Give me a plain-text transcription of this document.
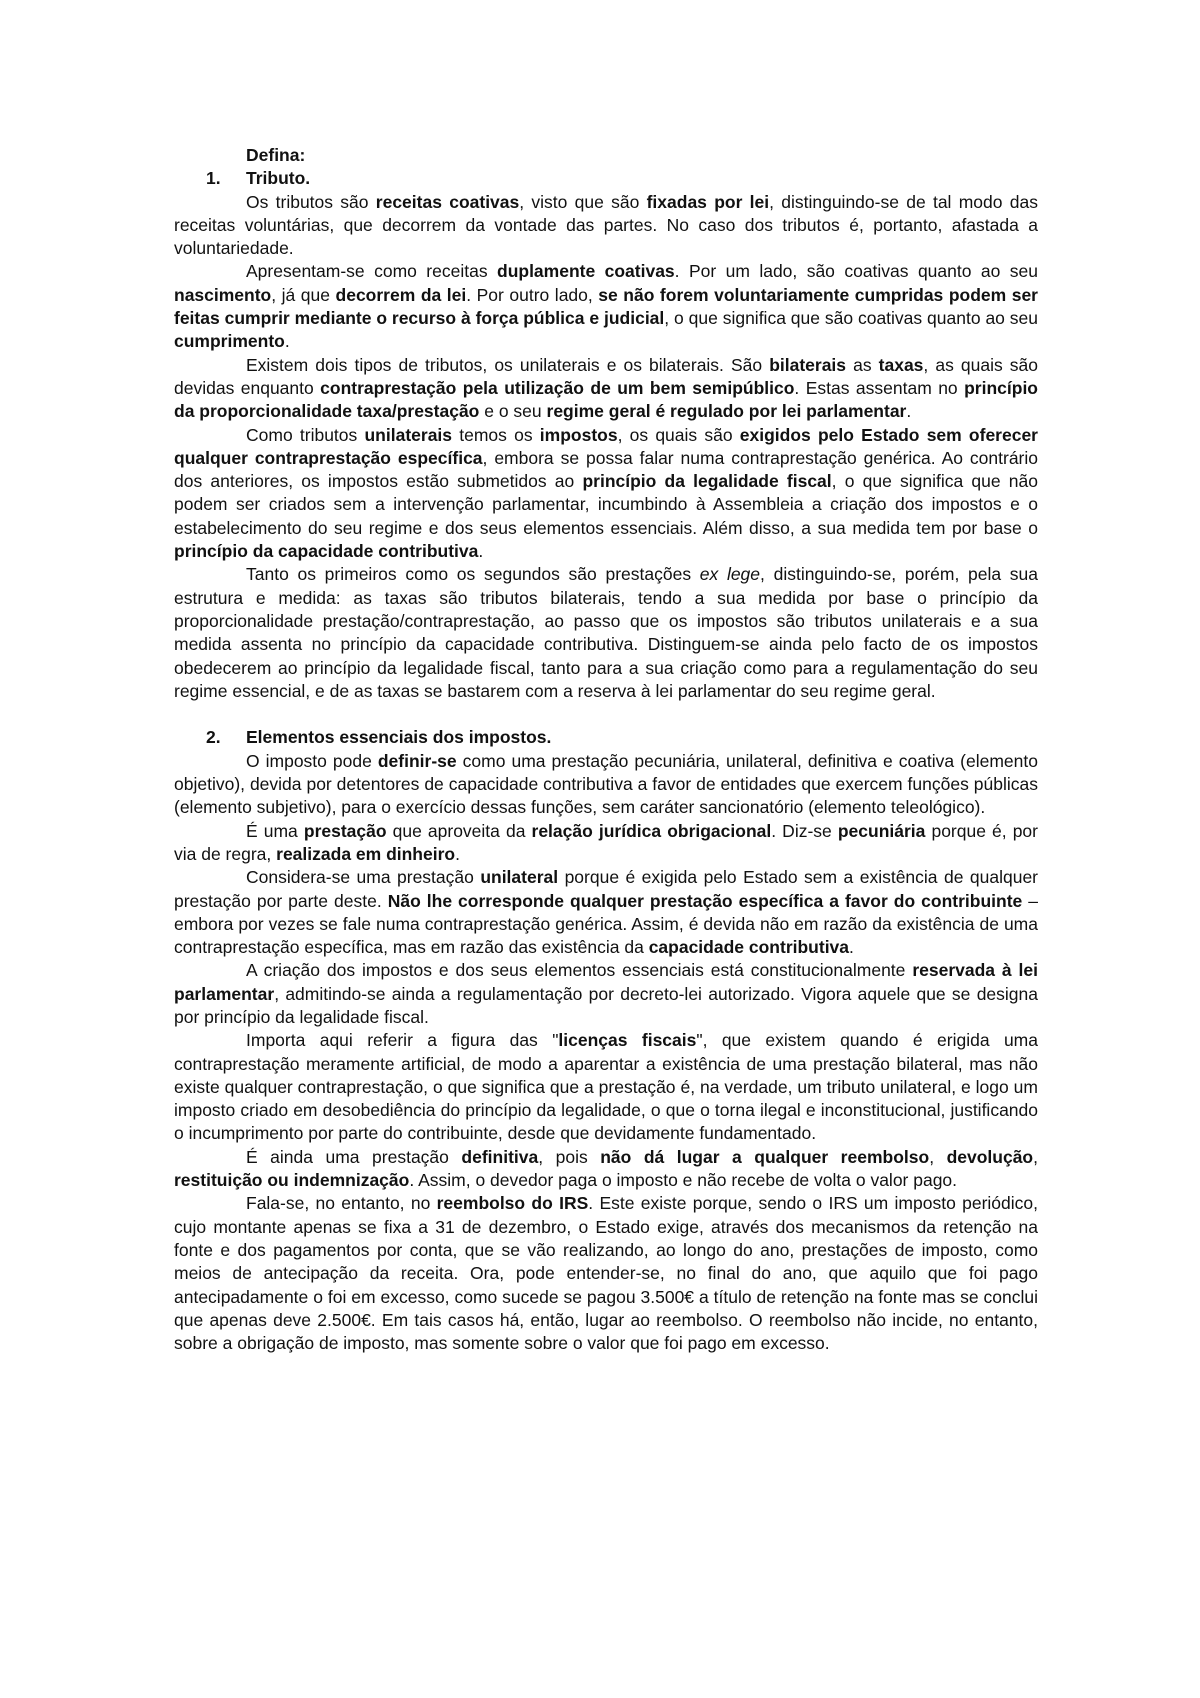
Defina:
1.	Tributo.

Os tributos são receitas coativas, visto que são fixadas por lei, distinguindo-se de tal modo das receitas voluntárias, que decorrem da vontade das partes. No caso dos tributos é, portanto, afastada a voluntariedade.

Apresentam-se como receitas duplamente coativas. Por um lado, são coativas quanto ao seu nascimento, já que decorrem da lei. Por outro lado, se não forem voluntariamente cumpridas podem ser feitas cumprir mediante o recurso à força pública e judicial, o que significa que são coativas quanto ao seu cumprimento.

Existem dois tipos de tributos, os unilaterais e os bilaterais. São bilaterais as taxas, as quais são devidas enquanto contraprestação pela utilização de um bem semipúblico. Estas assentam no princípio da proporcionalidade taxa/prestação e o seu regime geral é regulado por lei parlamentar.

Como tributos unilaterais temos os impostos, os quais são exigidos pelo Estado sem oferecer qualquer contraprestação específica, embora se possa falar numa contraprestação genérica. Ao contrário dos anteriores, os impostos estão submetidos ao princípio da legalidade fiscal, o que significa que não podem ser criados sem a intervenção parlamentar, incumbindo à Assembleia a criação dos impostos e o estabelecimento do seu regime e dos seus elementos essenciais. Além disso, a sua medida tem por base o princípio da capacidade contributiva.

Tanto os primeiros como os segundos são prestações ex lege, distinguindo-se, porém, pela sua estrutura e medida: as taxas são tributos bilaterais, tendo a sua medida por base o princípio da proporcionalidade prestação/contraprestação, ao passo que os impostos são tributos unilaterais e a sua medida assenta no princípio da capacidade contributiva. Distinguem-se ainda pelo facto de os impostos obedecerem ao princípio da legalidade fiscal, tanto para a sua criação como para a regulamentação do seu regime essencial, e de as taxas se bastarem com a reserva à lei parlamentar do seu regime geral.

2.	Elementos essenciais dos impostos.

O imposto pode definir-se como uma prestação pecuniária, unilateral, definitiva e coativa (elemento objetivo), devida por detentores de capacidade contributiva a favor de entidades que exercem funções públicas (elemento subjetivo), para o exercício dessas funções, sem caráter sancionatório (elemento teleológico).

É uma prestação que aproveita da relação jurídica obrigacional. Diz-se pecuniária porque é, por via de regra, realizada em dinheiro.

Considera-se uma prestação unilateral porque é exigida pelo Estado sem a existência de qualquer prestação por parte deste. Não lhe corresponde qualquer prestação específica a favor do contribuinte – embora por vezes se fale numa contraprestação genérica. Assim, é devida não em razão da existência de uma contraprestação específica, mas em razão das existência da capacidade contributiva.

A criação dos impostos e dos seus elementos essenciais está constitucionalmente reservada à lei parlamentar, admitindo-se ainda a regulamentação por decreto-lei autorizado. Vigora aquele que se designa por princípio da legalidade fiscal.

Importa aqui referir a figura das "licenças fiscais", que existem quando é erigida uma contraprestação meramente artificial, de modo a aparentar a existência de uma prestação bilateral, mas não existe qualquer contraprestação, o que significa que a prestação é, na verdade, um tributo unilateral, e logo um imposto criado em desobediência do princípio da legalidade, o que o torna ilegal e inconstitucional, justificando o incumprimento por parte do contribuinte, desde que devidamente fundamentado.

É ainda uma prestação definitiva, pois não dá lugar a qualquer reembolso, devolução, restituição ou indemnização. Assim, o devedor paga o imposto e não recebe de volta o valor pago.

Fala-se, no entanto, no reembolso do IRS. Este existe porque, sendo o IRS um imposto periódico, cujo montante apenas se fixa a 31 de dezembro, o Estado exige, através dos mecanismos da retenção na fonte e dos pagamentos por conta, que se vão realizando, ao longo do ano, prestações de imposto, como meios de antecipação da receita. Ora, pode entender-se, no final do ano, que aquilo que foi pago antecipadamente o foi em excesso, como sucede se pagou 3.500€ a título de retenção na fonte mas se conclui que apenas deve 2.500€. Em tais casos há, então, lugar ao reembolso. O reembolso não incide, no entanto, sobre a obrigação de imposto, mas somente sobre o valor que foi pago em excesso.
